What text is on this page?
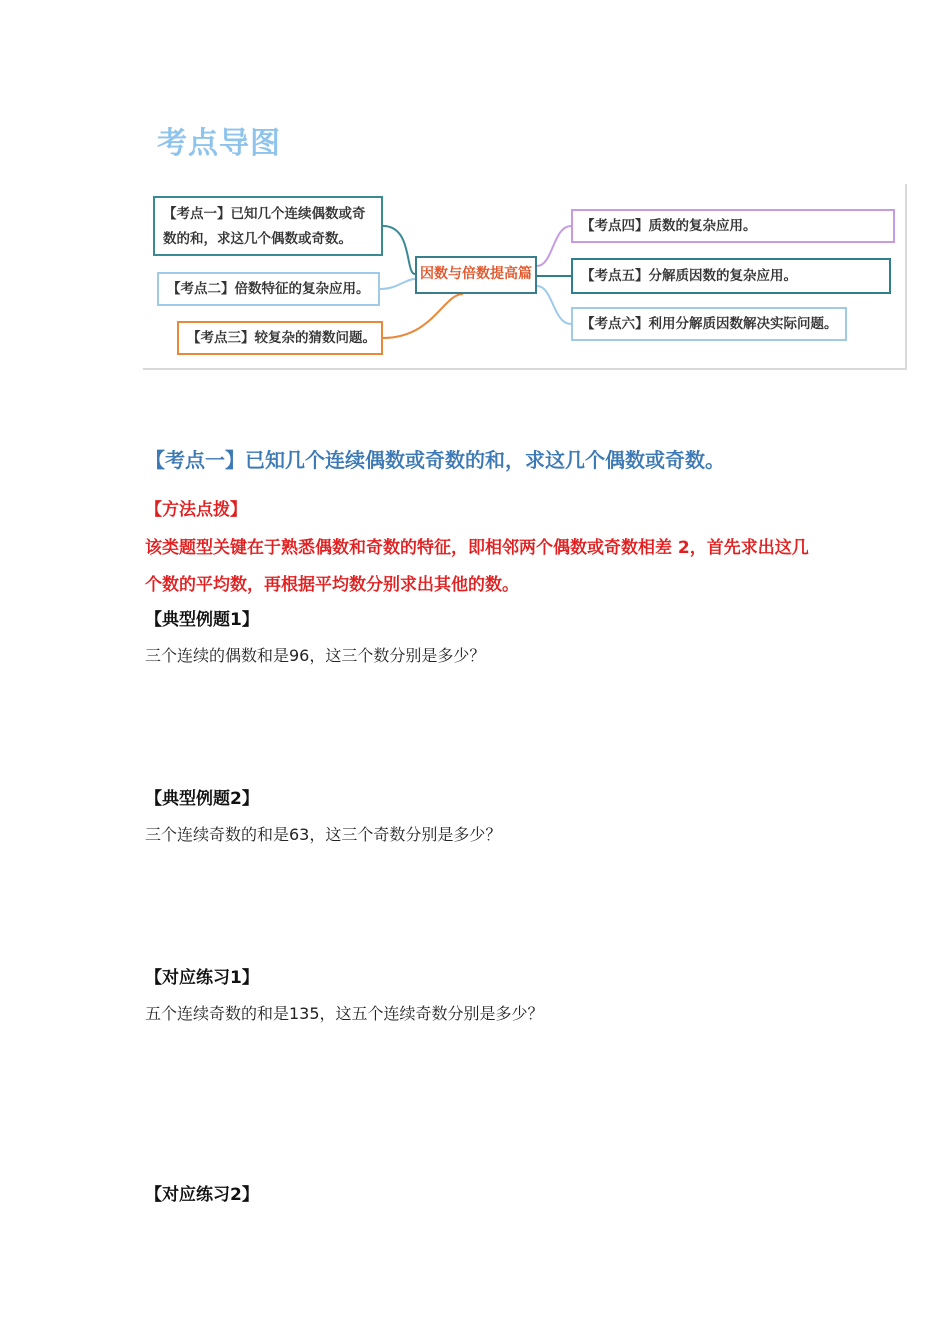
考点导图
【考点一】已知几个连续偶数或奇
数的和，求这几个偶数或奇数。
【考点二】倍数特征的复杂应用。
【考点三】较复杂的猜数问题。
因数与倍数提高篇
【考点四】质数的复杂应用。
【考点五】分解质因数的复杂应用。
【考点六】利用分解质因数解决实际问题。
【考点一】已知几个连续偶数或奇数的和，求这几个偶数或奇数。
【方法点拨】
该类题型关键在于熟悉偶数和奇数的特征，即相邻两个偶数或奇数相差 2，首先求出这几个数的平均数，再根据平均数分别求出其他的数。
【典型例题1】
三个连续的偶数和是96，这三个数分别是多少？
【典型例题2】
三个连续奇数的和是63，这三个奇数分别是多少？
【对应练习1】
五个连续奇数的和是135，这五个连续奇数分别是多少？
【对应练习2】
